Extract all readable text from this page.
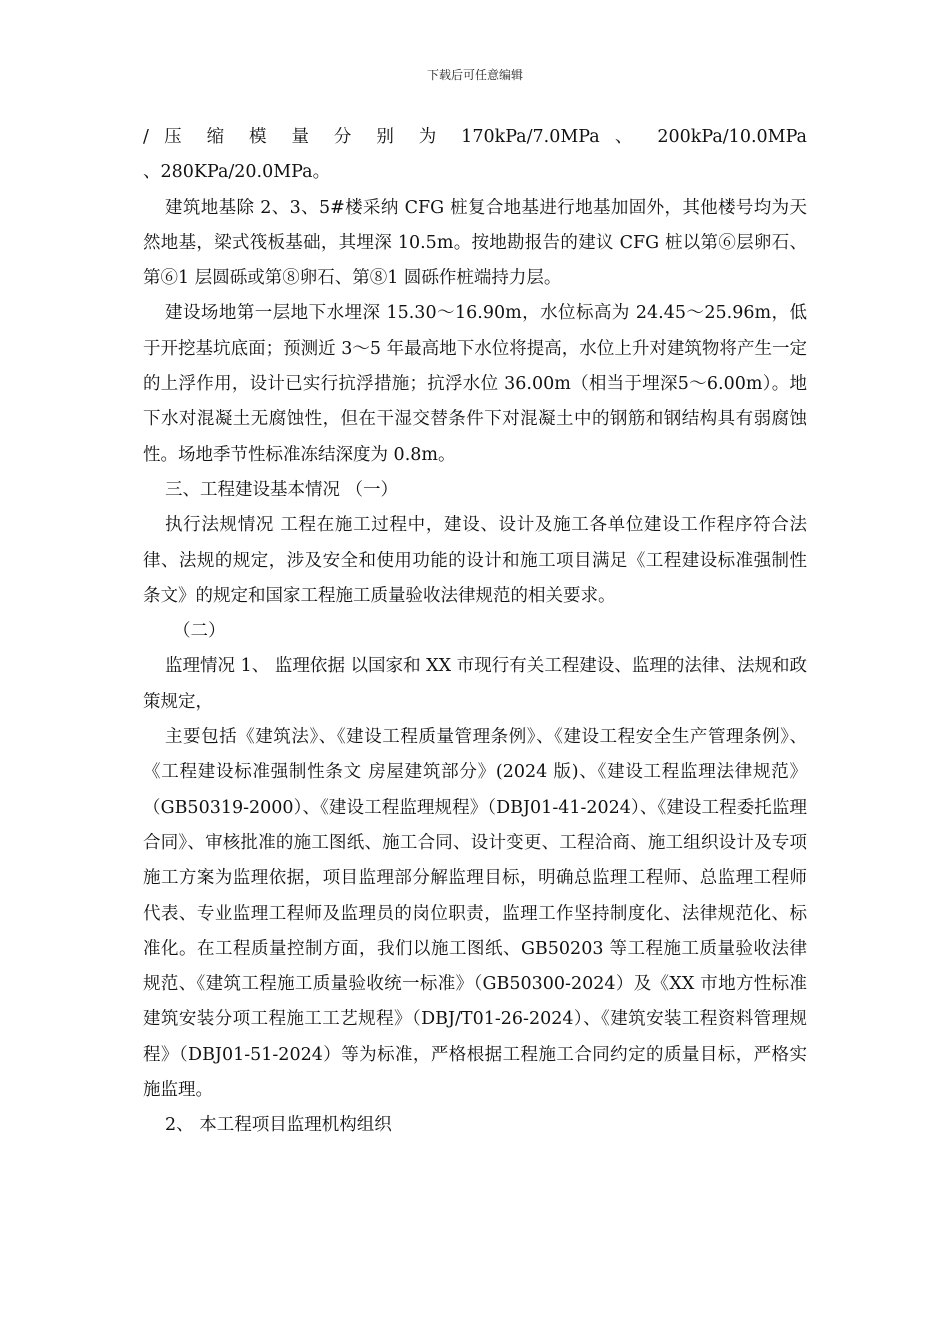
下载后可任意编辑

/ 压 缩 模 量 分 别 为 170kPa/7.0MPa 、 200kPa/10.0MPa

、280KPa/20.0MPa。

建筑地基除 2、3、5#楼采纳 CFG 桩复合地基进行地基加固外，其他楼号均为天然地基，梁式筏板基础，其埋深 10.5m。按地勘报告的建议 CFG 桩以第⑥层卵石、第⑥1 层圆砾或第⑧卵石、第⑧1 圆砾作桩端持力层。

建设场地第一层地下水埋深 15.30～16.90m，水位标高为 24.45～25.96m，低于开挖基坑底面；预测近 3～5 年最高地下水位将提高，水位上升对建筑物将产生一定的上浮作用，设计已实行抗浮措施；抗浮水位 36.00m（相当于埋深5～6.00m）。地下水对混凝土无腐蚀性，但在干湿交替条件下对混凝土中的钢筋和钢结构具有弱腐蚀性。场地季节性标准冻结深度为 0.8m。

三、工程建设基本情况 （一）

执行法规情况 工程在施工过程中，建设、设计及施工各单位建设工作程序符合法律、法规的规定，涉及安全和使用功能的设计和施工项目满足《工程建设标准强制性条文》的规定和国家工程施工质量验收法律规范的相关要求。

（二）

监理情况 1、 监理依据 以国家和 XX 市现行有关工程建设、监理的法律、法规和政策规定，

主要包括《建筑法》、《建设工程质量管理条例》、《建设工程安全生产管理条例》、《工程建设标准强制性条文 房屋建筑部分》(2024 版)、《建设工程监理法律规范》（GB50319-2000）、《建设工程监理规程》（DBJ01-41-2024）、《建设工程委托监理合同》、审核批准的施工图纸、施工合同、设计变更、工程洽商、施工组织设计及专项施工方案为监理依据，项目监理部分解监理目标，明确总监理工程师、总监理工程师代表、专业监理工程师及监理员的岗位职责，监理工作坚持制度化、法律规范化、标准化。在工程质量控制方面，我们以施工图纸、GB50203 等工程施工质量验收法律规范、《建筑工程施工质量验收统一标准》（GB50300-2024）及《XX 市地方性标准 建筑安装分项工程施工工艺规程》（DBJ/T01-26-2024）、《建筑安装工程资料管理规程》（DBJ01-51-2024）等为标准，严格根据工程施工合同约定的质量目标，严格实施监理。

2、 本工程项目监理机构组织
